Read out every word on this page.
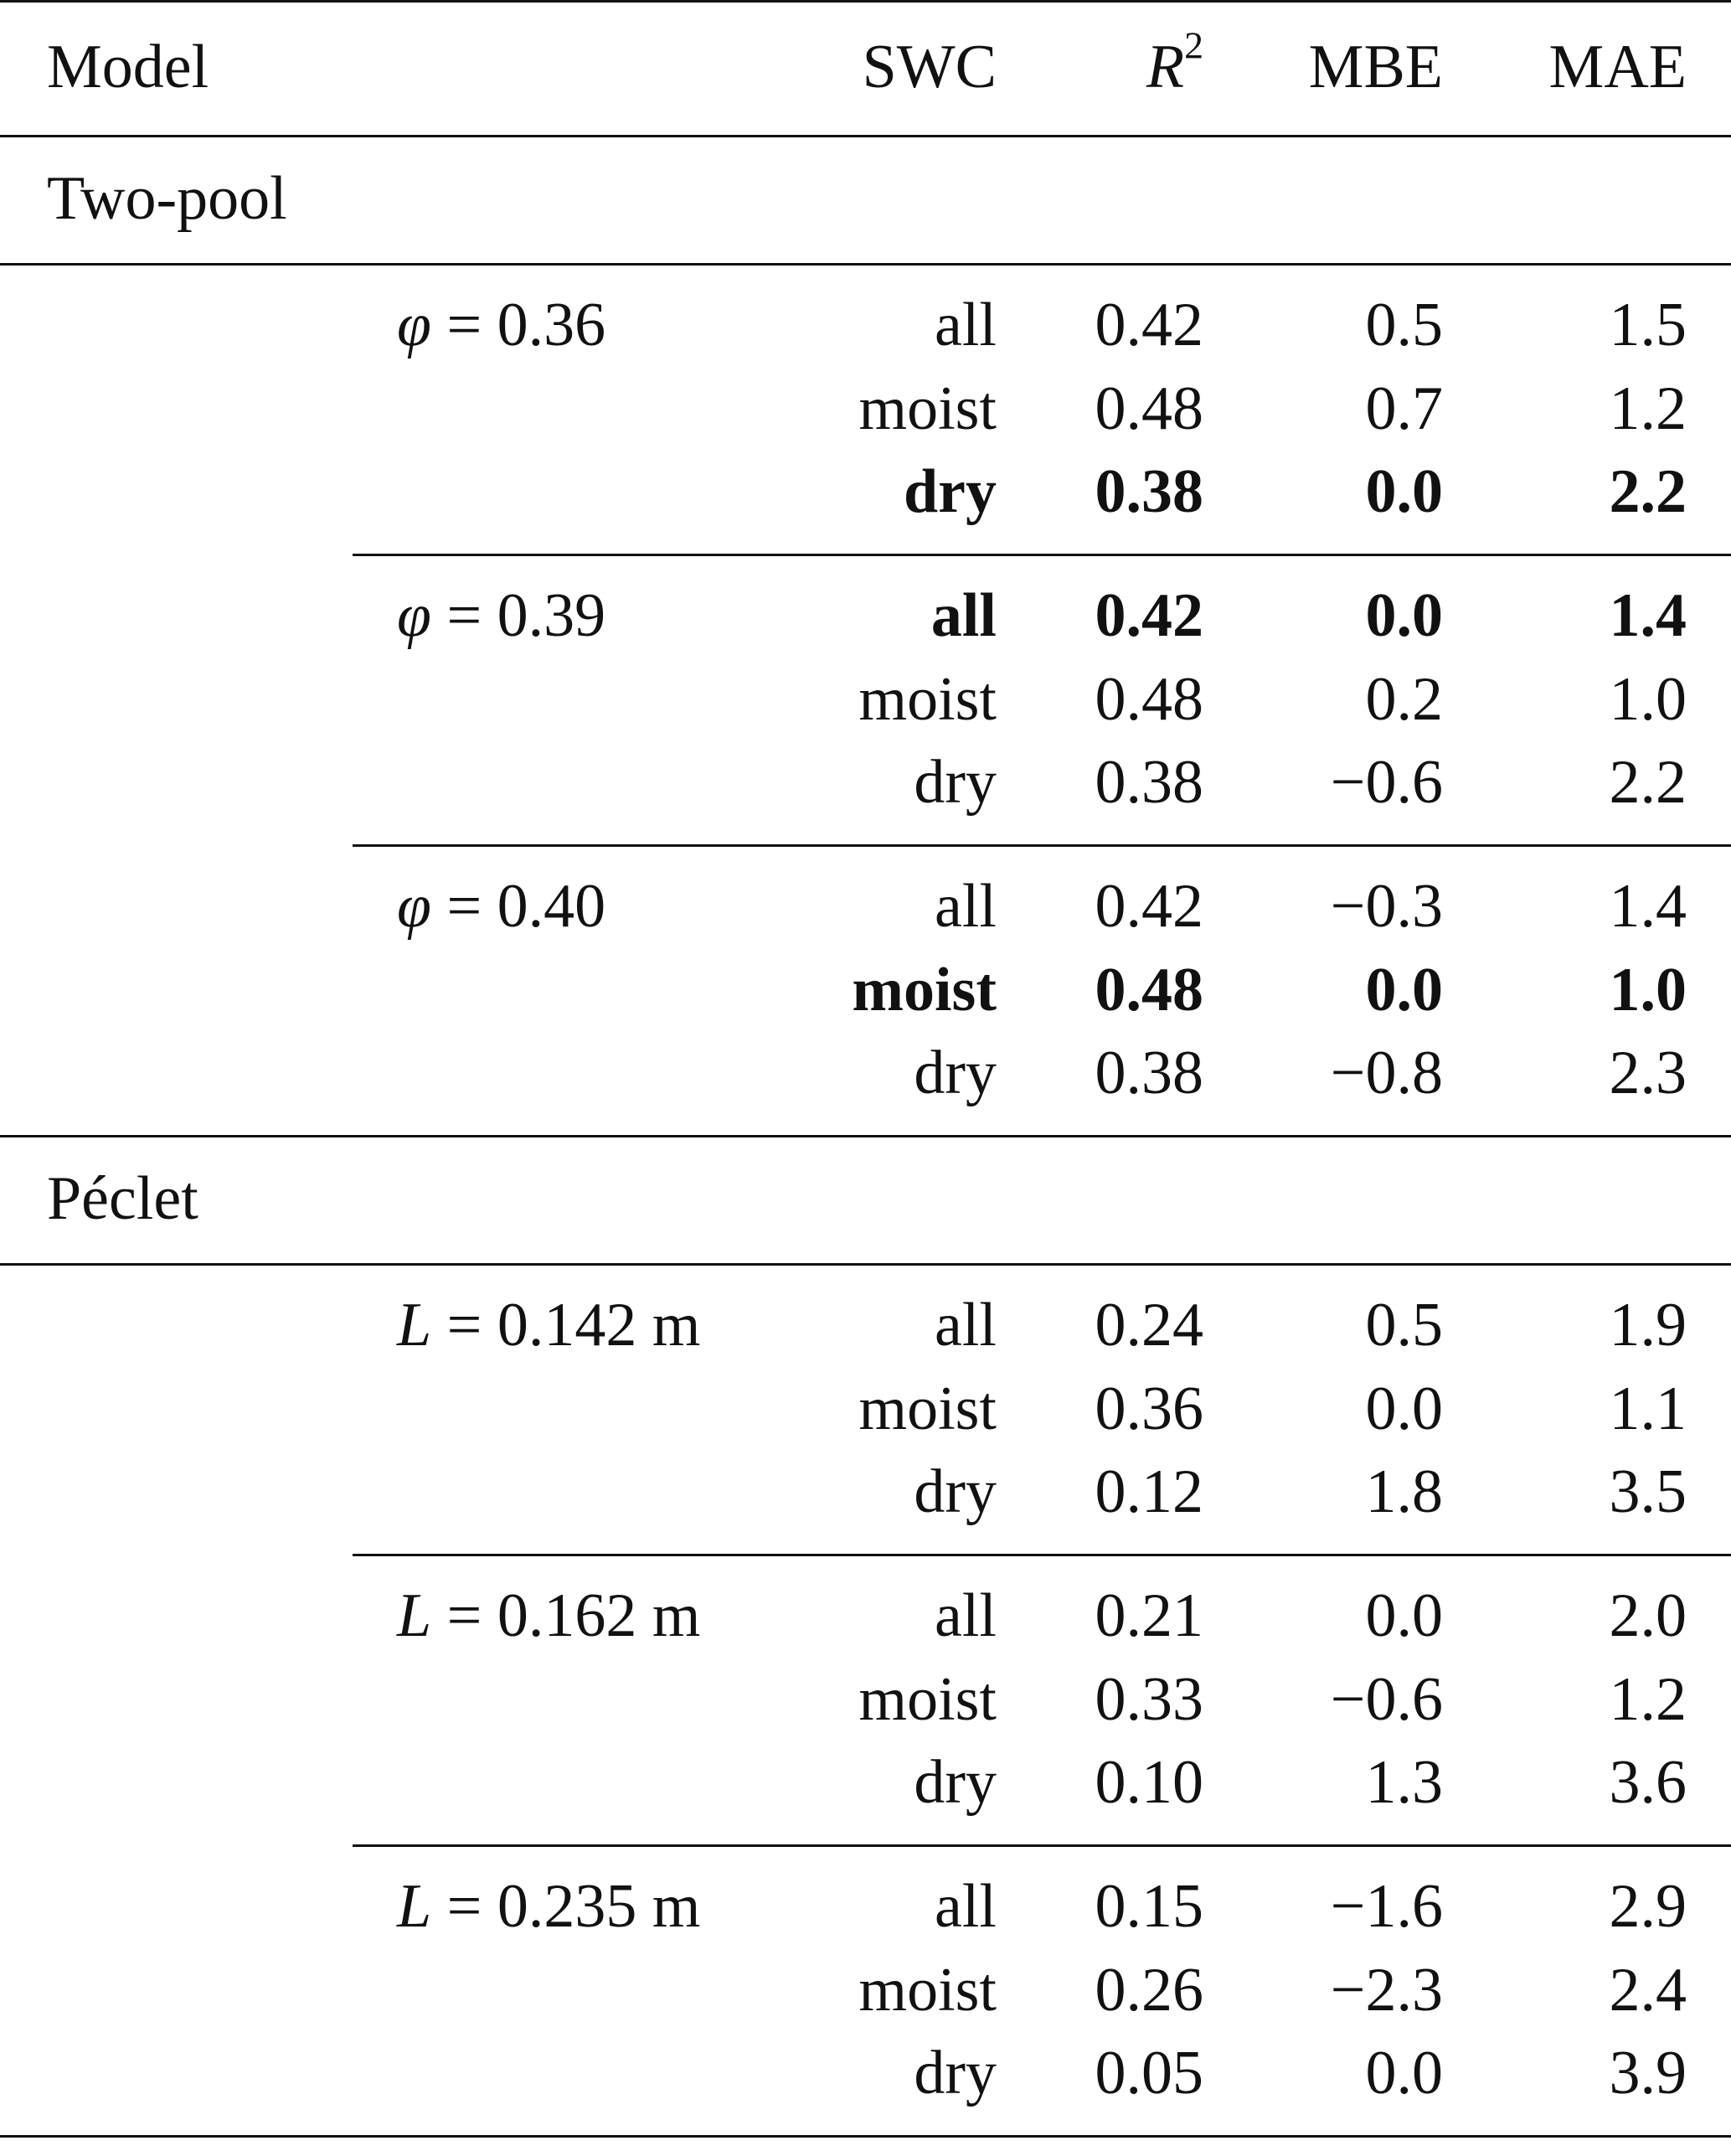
Model	SWC $R^2$ MBE MAE
Two-pool
φ = 0.36	all 0.42	0.5	1.5
moist 0.48	0.7	1.2
dry 0.38	0.0	2.2
φ = 0.39	all 0.42	0.0	1.4
moist 0.48	0.2	1.0
dry 0.38 −0.6	2.2
φ = 0.40	all 0.42 −0.3	1.4
moist 0.48	0.0	1.0
dry 0.38 −0.8	2.3
Péclet
L = 0.142 m	all 0.24	0.5	1.9
moist 0.36	0.0	1.1
dry 0.12	1.8	3.5
L = 0.162 m	all 0.21	0.0	2.0
moist 0.33 −0.6	1.2
dry 0.10	1.3	3.6
L = 0.235 m	all 0.15 −1.6	2.9
moist 0.26 −2.3	2.4
dry 0.05	0.0	3.9
